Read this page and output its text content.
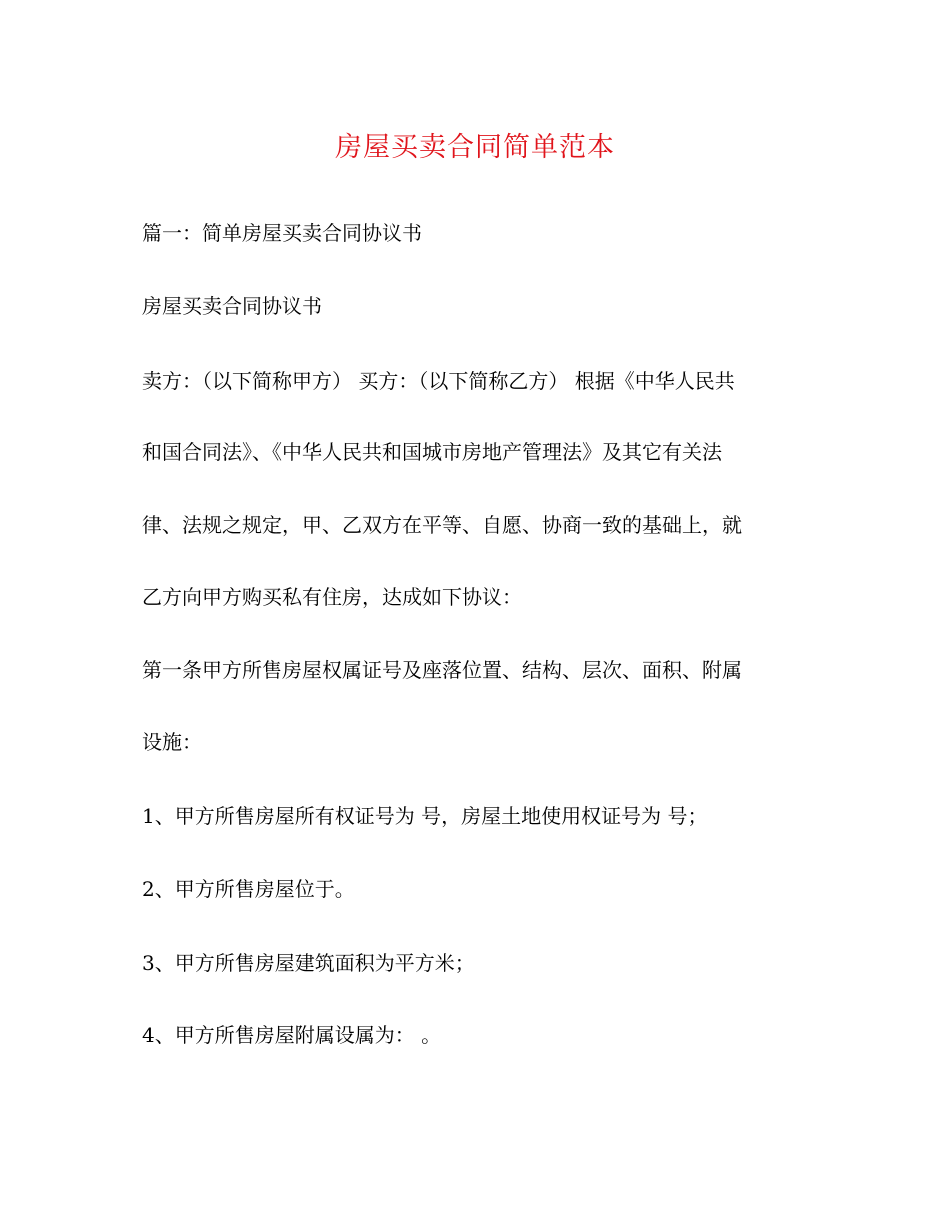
房屋买卖合同简单范本
篇一：简单房屋买卖合同协议书
房屋买卖合同协议书
卖方：（以下简称甲方） 买方：（以下简称乙方） 根据《中华人民共
和国合同法》、《中华人民共和国城市房地产管理法》及其它有关法
律、法规之规定，甲、乙双方在平等、自愿、协商一致的基础上，就
乙方向甲方购买私有住房，达成如下协议：
第一条甲方所售房屋权属证号及座落位置、结构、层次、面积、附属
设施：
1、甲方所售房屋所有权证号为 号，房屋土地使用权证号为 号；
2、甲方所售房屋位于。
3、甲方所售房屋建筑面积为平方米；
4、甲方所售房屋附属设属为： 。
